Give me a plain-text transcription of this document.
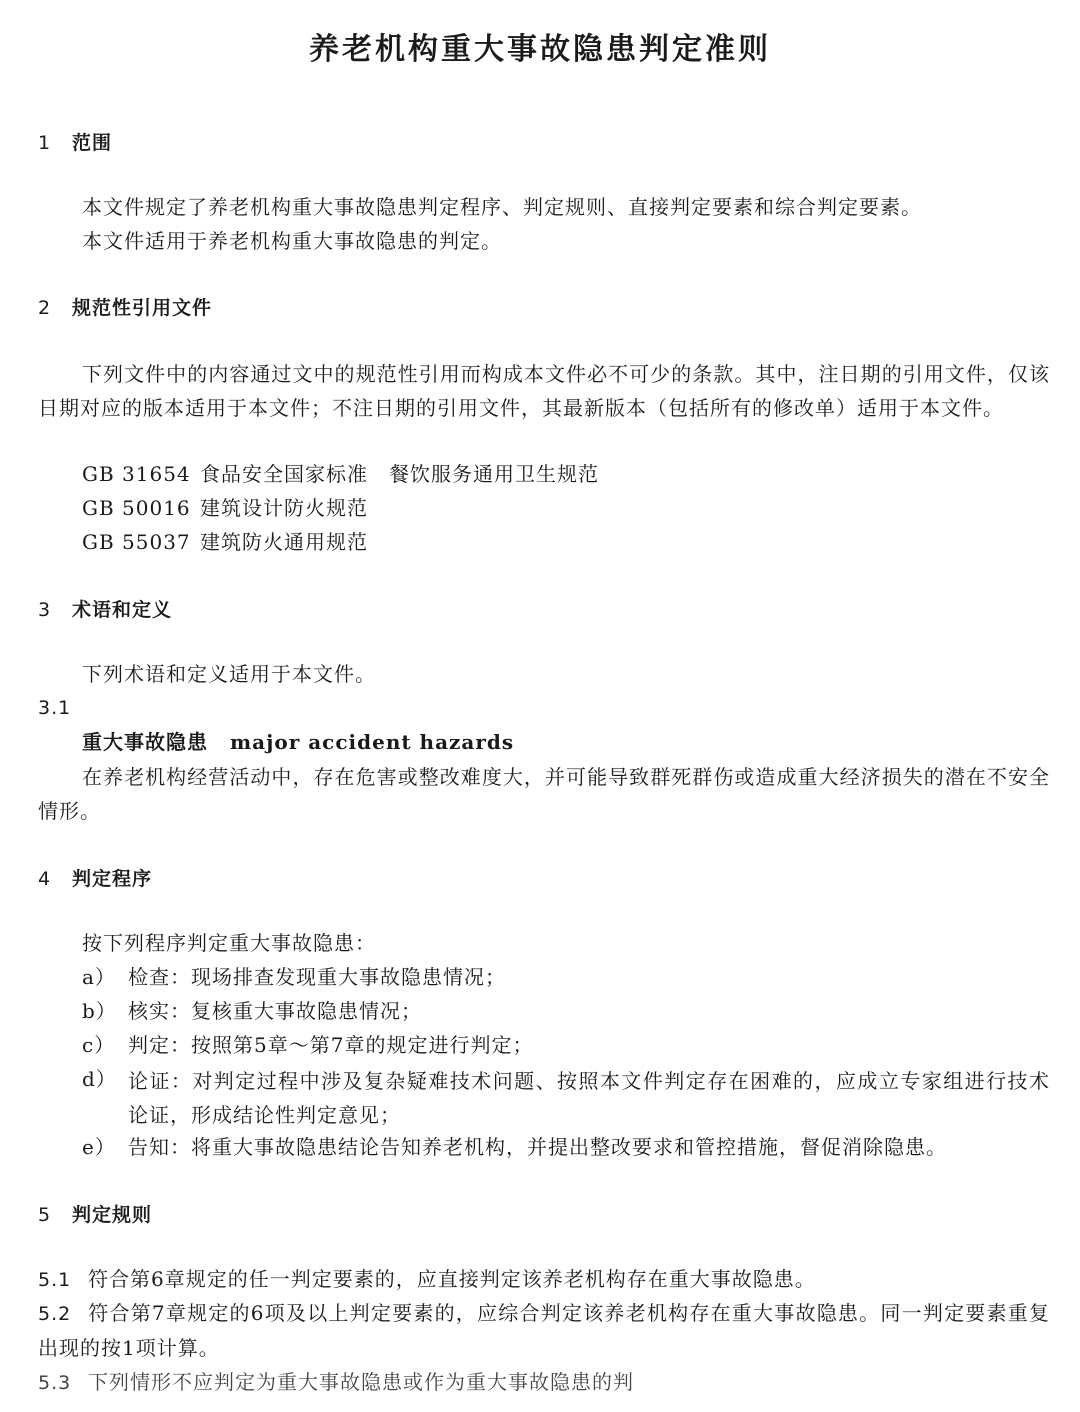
养老机构重大事故隐患判定准则
1 范围
本文件规定了养老机构重大事故隐患判定程序、判定规则、直接判定要素和综合判定要素。
本文件适用于养老机构重大事故隐患的判定。
2 规范性引用文件
下列文件中的内容通过文中的规范性引用而构成本文件必不可少的条款。其中，注日期的引用文件，仅该日期对应的版本适用于本文件；不注日期的引用文件，其最新版本（包括所有的修改单）适用于本文件。
GB 31654 食品安全国家标准　餐饮服务通用卫生规范
GB 50016 建筑设计防火规范
GB 55037 建筑防火通用规范
3 术语和定义
下列术语和定义适用于本文件。
3.1
重大事故隐患 major accident hazards
在养老机构经营活动中，存在危害或整改难度大，并可能导致群死群伤或造成重大经济损失的潜在不安全情形。
4 判定程序
按下列程序判定重大事故隐患：
a） 检查：现场排查发现重大事故隐患情况；
b） 核实：复核重大事故隐患情况；
c） 判定：按照第5章～第7章的规定进行判定；
d） 论证：对判定过程中涉及复杂疑难技术问题、按照本文件判定存在困难的，应成立专家组进行技术论证，形成结论性判定意见；
e） 告知：将重大事故隐患结论告知养老机构，并提出整改要求和管控措施，督促消除隐患。
5 判定规则
5.1 符合第6章规定的任一判定要素的，应直接判定该养老机构存在重大事故隐患。
5.2 符合第7章规定的6项及以上判定要素的，应综合判定该养老机构存在重大事故隐患。同一判定要素重复出现的按1项计算。
5.3 下列情形不应判定为重大事故隐患或作为重大事故隐患的判
